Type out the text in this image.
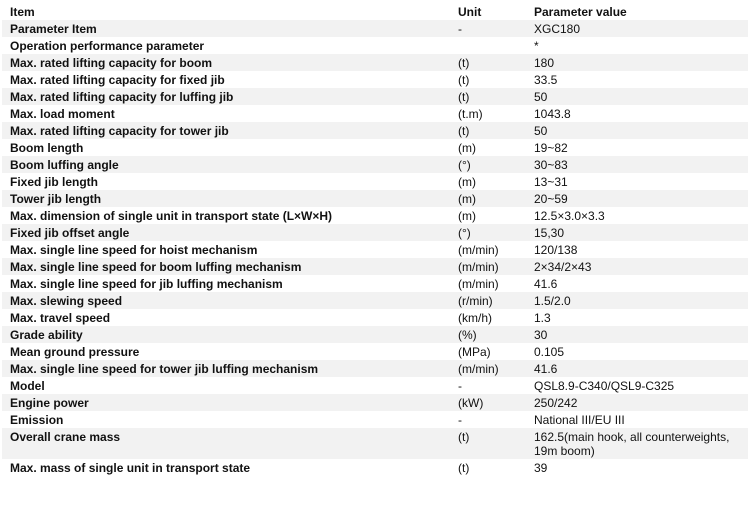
Item	Unit	Parameter value
Parameter Item	-	XGC180
Operation performance parameter		*
Max. rated lifting capacity for boom	(t)	180
Max. rated lifting capacity for fixed jib	(t)	33.5
Max. rated lifting capacity for luffing jib	(t)	50
Max. load moment	(t.m)	1043.8
Max. rated lifting capacity for tower jib	(t)	50
Boom length	(m)	19~82
Boom luffing angle	(°)	30~83
Fixed jib length	(m)	13~31
Tower jib length	(m)	20~59
Max. dimension of single unit in transport state (L×W×H)	(m)	12.5×3.0×3.3
Fixed jib offset angle	(°)	15,30
Max. single line speed for hoist mechanism	(m/min)	120/138
Max. single line speed for boom luffing mechanism	(m/min)	2×34/2×43
Max. single line speed for jib luffing mechanism	(m/min)	41.6
Max. slewing speed	(r/min)	1.5/2.0
Max. travel speed	(km/h)	1.3
Grade ability	(%)	30
Mean ground pressure	(MPa)	0.105
Max. single line speed for tower jib luffing mechanism	(m/min)	41.6
Model	-	QSL8.9-C340/QSL9-C325
Engine power	(kW)	250/242
Emission	-	National III/EU III
Overall crane mass	(t)	162.5(main hook, all counterweights, 19m boom)
Max. mass of single unit in transport state	(t)	39
